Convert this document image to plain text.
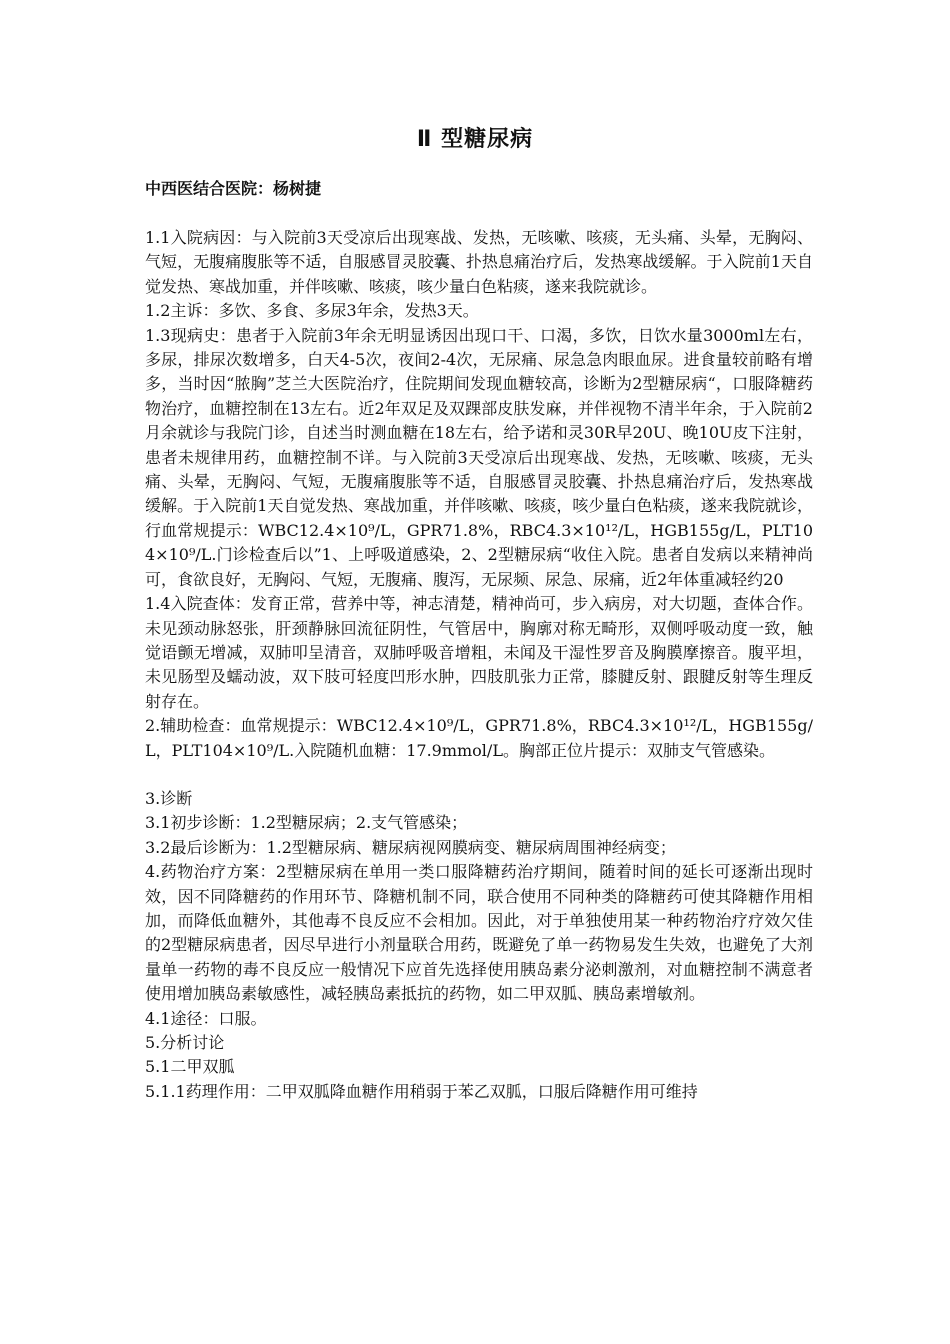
Ⅱ 型糖尿病
中西医结合医院：杨树捷

1.1入院病因：与入院前3天受凉后出现寒战、发热，无咳嗽、咳痰，无头痛、头晕，无胸闷、气短，无腹痛腹胀等不适，自服感冒灵胶囊、扑热息痛治疗后，发热寒战缓解。于入院前1天自觉发热、寒战加重，并伴咳嗽、咳痰，咳少量白色粘痰，遂来我院就诊。

1.2主诉：多饮、多食、多尿3年余，发热3天。

1.3现病史：患者于入院前3年余无明显诱因出现口干、口渴，多饮，日饮水量3000ml左右，多尿，排尿次数增多，白天4-5次，夜间2-4次，无尿痛、尿急急肉眼血尿。进食量较前略有增多，当时因“脓胸”芝兰大医院治疗，住院期间发现血糖较高，诊断为2型糖尿病“，口服降糖药物治疗，血糖控制在13左右。近2年双足及双踝部皮肤发麻，并伴视物不清半年余，于入院前2月余就诊与我院门诊，自述当时测血糖在18左右，给予诺和灵30R早20U、晚10U皮下注射，患者未规律用药，血糖控制不详。与入院前3天受凉后出现寒战、发热，无咳嗽、咳痰，无头痛、头晕，无胸闷、气短，无腹痛腹胀等不适，自服感冒灵胶囊、扑热息痛治疗后，发热寒战缓解。于入院前1天自觉发热、寒战加重，并伴咳嗽、咳痰，咳少量白色粘痰，遂来我院就诊，行血常规提示：WBC12.4×10⁹/L，GPR71.8%，RBC4.3×10¹²/L，HGB155g/L，PLT104×10⁹/L.门诊检查后以”1、上呼吸道感染，2、2型糖尿病“收住入院。患者自发病以来精神尚可，食欲良好，无胸闷、气短，无腹痛、腹泻，无尿频、尿急、尿痛，近2年体重减轻约20

1.4入院查体：发育正常，营养中等，神志清楚，精神尚可，步入病房，对大切题，查体合作。未见颈动脉怒张，肝颈静脉回流征阴性，气管居中，胸廓对称无畸形，双侧呼吸动度一致，触觉语颤无增减，双肺叩呈清音，双肺呼吸音增粗，未闻及干湿性罗音及胸膜摩擦音。腹平坦，未见肠型及蠕动波，双下肢可轻度凹形水肿，四肢肌张力正常，膝腱反射、跟腱反射等生理反射存在。

2.辅助检查：血常规提示：WBC12.4×10⁹/L，GPR71.8%，RBC4.3×10¹²/L，HGB155g/L，PLT104×10⁹/L.入院随机血糖：17.9mmol/L。胸部正位片提示：双肺支气管感染。

3.诊断

3.1初步诊断：1.2型糖尿病；2.支气管感染；

3.2最后诊断为：1.2型糖尿病、糖尿病视网膜病变、糖尿病周围神经病变；

4.药物治疗方案：2型糖尿病在单用一类口服降糖药治疗期间，随着时间的延长可逐渐出现时效，因不同降糖药的作用环节、降糖机制不同，联合使用不同种类的降糖药可使其降糖作用相加，而降低血糖外，其他毒不良反应不会相加。因此，对于单独使用某一种药物治疗疗效欠佳的2型糖尿病患者，因尽早进行小剂量联合用药，既避免了单一药物易发生失效，也避免了大剂量单一药物的毒不良反应一般情况下应首先选择使用胰岛素分泌刺激剂，对血糖控制不满意者使用增加胰岛素敏感性，减轻胰岛素抵抗的药物，如二甲双胍、胰岛素增敏剂。

4.1途径：口服。

5.分析讨论

5.1二甲双胍

5.1.1药理作用：二甲双胍降血糖作用稍弱于苯乙双胍，口服后降糖作用可维持
